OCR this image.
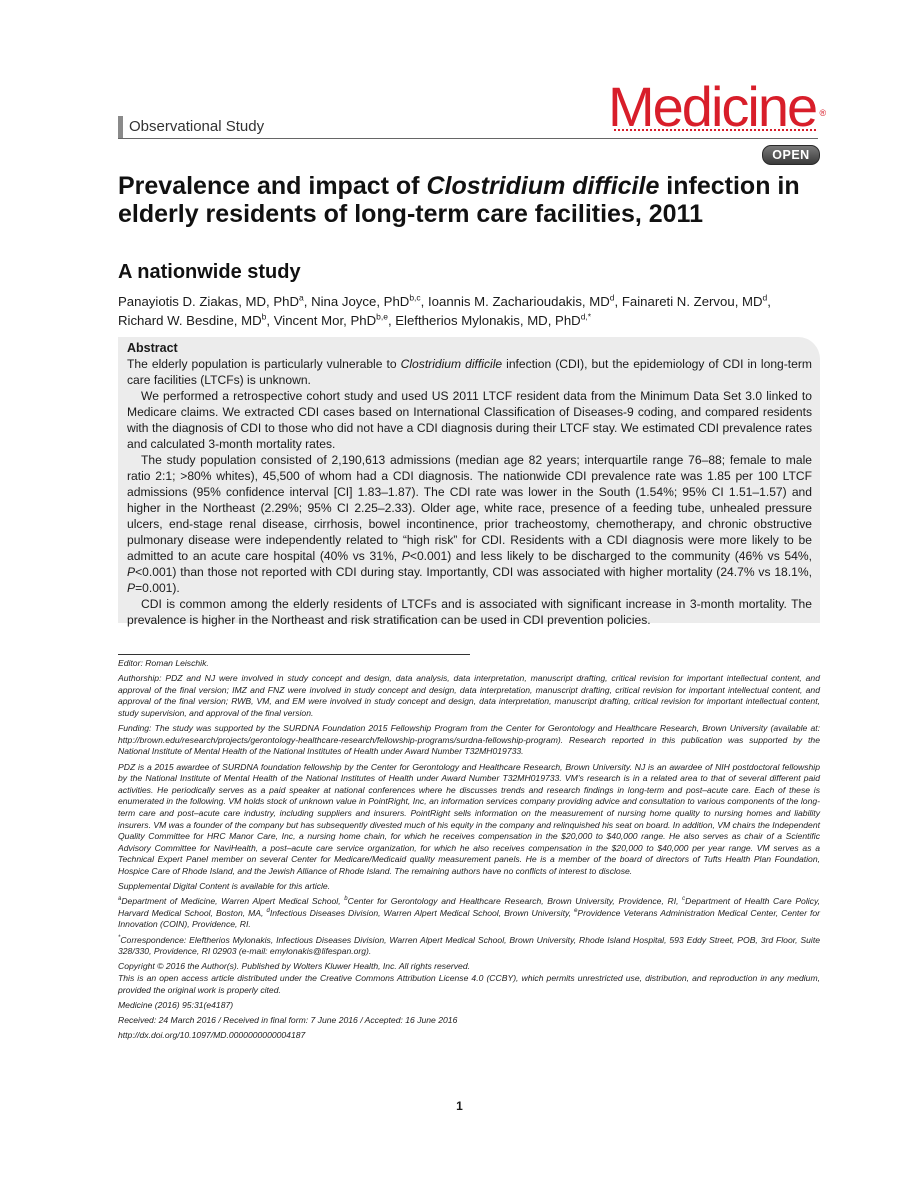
Observational Study	Medicine ®
OPEN
Prevalence and impact of Clostridium difficile infection in elderly residents of long-term care facilities, 2011
A nationwide study
Panayiotis D. Ziakas, MD, PhD$^a$, Nina Joyce, PhD$^{b,c}$, Ioannis M. Zacharioudakis, $MD^d$, Fainareti N. Zervou, $MD^d$, Richard W. Besdine, $MD^b$, Vincent Mor, PhD$^{b,e}$, Eleftherios Mylonakis, MD, PhD$^{d,*}$
Abstract

The elderly population is particularly vulnerable to Clostridium difficile infection (CDI), but the epidemiology of CDI in long-term care facilities (LTCFs) is unknown.

We performed a retrospective cohort study and used US 2011 LTCF resident data from the Minimum Data Set 3.0 linked to Medicare claims. We extracted CDI cases based on International Classification of Diseases-9 coding, and compared residents with the diagnosis of CDI to those who did not have a CDI diagnosis during their LTCF stay. We estimated CDI prevalence rates and calculated 3-month mortality rates.

The study population consisted of 2,190,613 admissions (median age 82 years; interquartile range 76–88; female to male ratio 2:1; >80% whites), 45,500 of whom had a CDI diagnosis. The nationwide CDI prevalence rate was 1.85 per 100 LTCF admissions (95% confidence interval [CI] 1.83–1.87). The CDI rate was lower in the South (1.54%; 95% CI 1.51–1.57) and higher in the Northeast (2.29%; 95% CI 2.25–2.33). Older age, white race, presence of a feeding tube, unhealed pressure ulcers, end-stage renal disease, cirrhosis, bowel incontinence, prior tracheostomy, chemotherapy, and chronic obstructive pulmonary disease were independently related to “high risk” for CDI. Residents with a CDI diagnosis were more likely to be admitted to an acute care hospital (40% vs 31%, P<0.001) and less likely to be discharged to the community (46% vs 54%, P<0.001) than those not reported with CDI during stay. Importantly, CDI was associated with higher mortality (24.7% vs 18.1%, P=0.001).

CDI is common among the elderly residents of LTCFs and is associated with significant increase in 3-month mortality. The prevalence is higher in the Northeast and risk stratification can be used in CDI prevention policies.

Editor: Roman Leischik.

Authorship: PDZ and NJ were involved in study concept and design, data analysis, data interpretation, manuscript drafting, critical revision for important intellectual content, and approval of the final version; IMZ and FNZ were involved in study concept and design, data interpretation, manuscript drafting, critical revision for important intellectual content, and approval of the final version; RWB, VM, and EM were involved in study concept and design, data interpretation, manuscript drafting, critical revision for important intellectual content, study supervision, and approval of the final version.

Funding: The study was supported by the SURDNA Foundation 2015 Fellowship Program from the Center for Gerontology and Healthcare Research, Brown University (available at: http://brown.edu/research/projects/gerontology-healthcare-research/fellowship-programs/surdna-fellowship-program). Research reported in this publication was supported by the National Institute of Mental Health of the National Institutes of Health under Award Number T32MH019733.

PDZ is a 2015 awardee of SURDNA foundation fellowship by the Center for Gerontology and Healthcare Research, Brown University. NJ is an awardee of NIH postdoctoral fellowship by the National Institute of Mental Health of the National Institutes of Health under Award Number T32MH019733. VM’s research is in a related area to that of several different paid activities. He periodically serves as a paid speaker at national conferences where he discusses trends and research findings in long-term and post–acute care. Each of these is enumerated in the following. VM holds stock of unknown value in PointRight, Inc, an information services company providing advice and consultation to various components of the long-term care and post–acute care industry, including suppliers and insurers. PointRight sells information on the measurement of nursing home quality to nursing homes and liability insurers. VM was a founder of the company but has subsequently divested much of his equity in the company and relinquished his seat on board. In addition, VM chairs the Independent Quality Committee for HRC Manor Care, Inc, a nursing home chain, for which he receives compensation in the $20,000 to $40,000 range. He also serves as chair of a Scientific Advisory Committee for NaviHealth, a post–acute care service organization, for which he also receives compensation in the $20,000 to $40,000 per year range. VM serves as a Technical Expert Panel member on several Center for Medicare/Medicaid quality measurement panels. He is a member of the board of directors of Tufts Health Plan Foundation, Hospice Care of Rhode Island, and the Jewish Alliance of Rhode Island. The remaining authors have no conflicts of interest to disclose.

Supplemental Digital Content is available for this article.

$^a$Department of Medicine, Warren Alpert Medical School, $^b$Center for Gerontology and Healthcare Research, Brown University, Providence, RI, $^c$Department of Health Care Policy, Harvard Medical School, Boston, MA, $^d$Infectious Diseases Division, Warren Alpert Medical School, Brown University, $^e$Providence Veterans Administration Medical Center, Center for Innovation (COIN), Providence, RI.

*Correspondence: Eleftherios Mylonakis, Infectious Diseases Division, Warren Alpert Medical School, Brown University, Rhode Island Hospital, 593 Eddy Street, POB, 3rd Floor, Suite 328/330, Providence, RI 02903 (e-mail: emylonakis@lifespan.org).

Copyright © 2016 the Author(s). Published by Wolters Kluwer Health, Inc. All rights reserved.

This is an open access article distributed under the Creative Commons Attribution License 4.0 (CCBY), which permits unrestricted use, distribution, and reproduction in any medium, provided the original work is properly cited.

Medicine (2016) 95:31(e4187)

Received: 24 March 2016 / Received in final form: 7 June 2016 / Accepted: 16 June 2016

http://dx.doi.org/10.1097/MD.0000000000004187

1
